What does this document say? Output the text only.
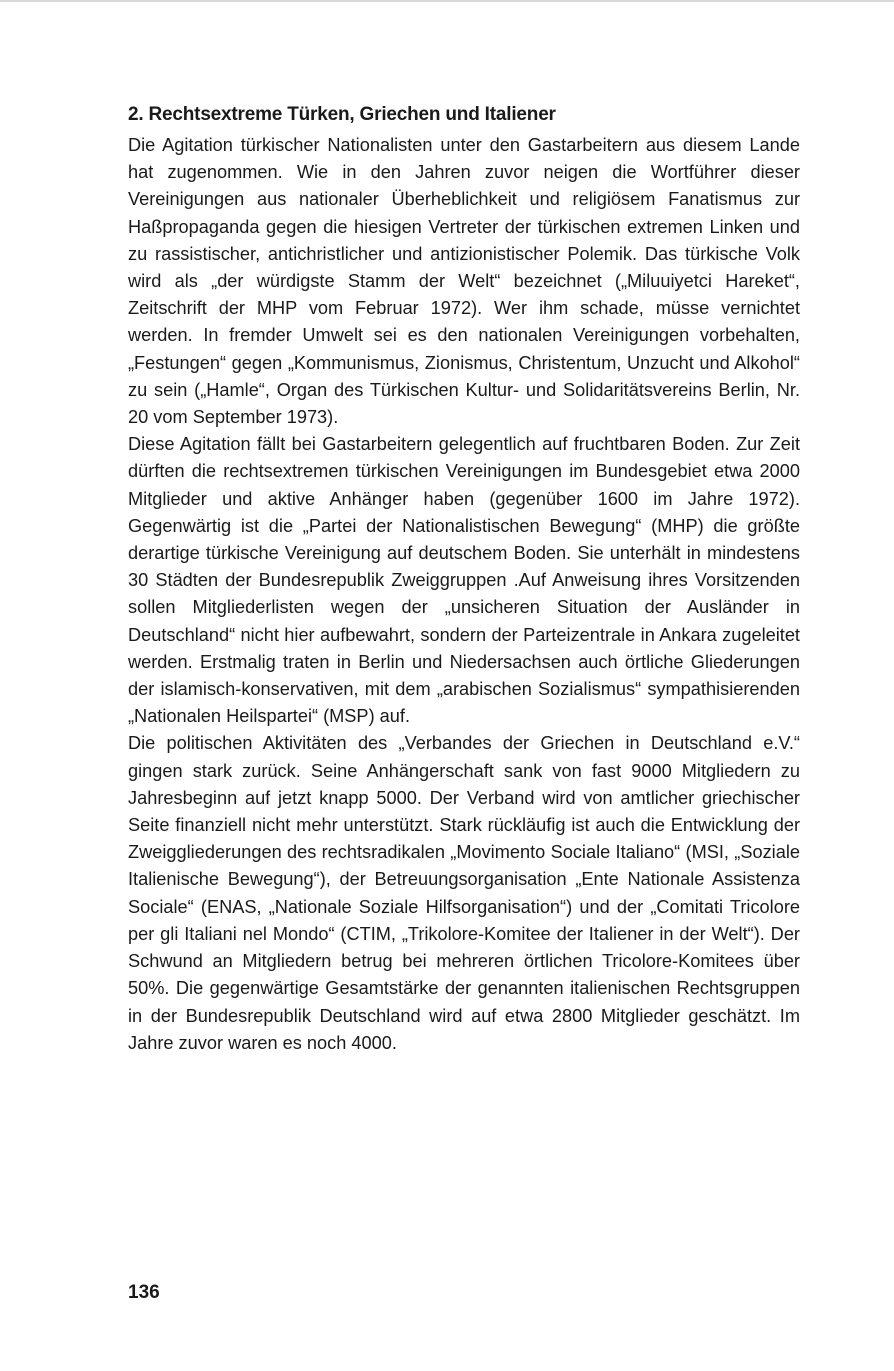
2. Rechtsextreme Türken, Griechen und Italiener

Die Agitation türkischer Nationalisten unter den Gastarbeitern aus diesem Lande hat zugenommen. Wie in den Jahren zuvor neigen die Wortführer dieser Vereinigungen aus nationaler Überheblichkeit und religiösem Fanatismus zur Haßpropaganda gegen die hiesigen Vertreter der türkischen extremen Linken und zu rassistischer, antichristlicher und antizionistischer Polemik. Das türkische Volk wird als „der würdigste Stamm der Welt“ bezeichnet („Miluuiyetci Hareket“, Zeitschrift der MHP vom Februar 1972). Wer ihm schade, müsse vernichtet werden. In fremder Umwelt sei es den nationalen Vereinigungen vorbehalten, „Festungen“ gegen „Kommunismus, Zionismus, Christentum, Unzucht und Alkohol“ zu sein („Hamle“, Organ des Türkischen Kultur- und Solidaritätsvereins Berlin, Nr. 20 vom September 1973).

Diese Agitation fällt bei Gastarbeitern gelegentlich auf fruchtbaren Boden. Zur Zeit dürften die rechtsextremen türkischen Vereinigungen im Bundesgebiet etwa 2000 Mitglieder und aktive Anhänger haben (gegenüber 1600 im Jahre 1972). Gegenwärtig ist die „Partei der Nationalistischen Bewegung“ (MHP) die größte derartige türkische Vereinigung auf deutschem Boden. Sie unterhält in mindestens 30 Städten der Bundesrepublik Zweiggruppen .Auf Anweisung ihres Vorsitzenden sollen Mitgliederlisten wegen der „unsicheren Situation der Ausländer in Deutschland“ nicht hier aufbewahrt, sondern der Parteizentrale in Ankara zugeleitet werden. Erstmalig traten in Berlin und Niedersachsen auch örtliche Gliederungen der islamisch-konservativen, mit dem „arabischen Sozialismus“ sympathisierenden „Nationalen Heilspartei“ (MSP) auf.

Die politischen Aktivitäten des „Verbandes der Griechen in Deutschland e.V.“ gingen stark zurück. Seine Anhängerschaft sank von fast 9000 Mitgliedern zu Jahresbeginn auf jetzt knapp 5000. Der Verband wird von amtlicher griechischer Seite finanziell nicht mehr unterstützt. Stark rückläufig ist auch die Entwicklung der Zweiggliederungen des rechtsradikalen „Movimento Sociale Italiano“ (MSI, „Soziale Italienische Bewegung“), der Betreuungsorganisation „Ente Nationale Assistenza Sociale“ (ENAS, „Nationale Soziale Hilfsorganisation“) und der „Comitati Tricolore per gli Italiani nel Mondo“ (CTIM, „Trikolore-Komitee der Italiener in der Welt“). Der Schwund an Mitgliedern betrug bei mehreren örtlichen Tricolore-Komitees über 50%. Die gegenwärtige Gesamtstärke der genannten italienischen Rechtsgruppen in der Bundesrepublik Deutschland wird auf etwa 2800 Mitglieder geschätzt. Im Jahre zuvor waren es noch 4000.

136
